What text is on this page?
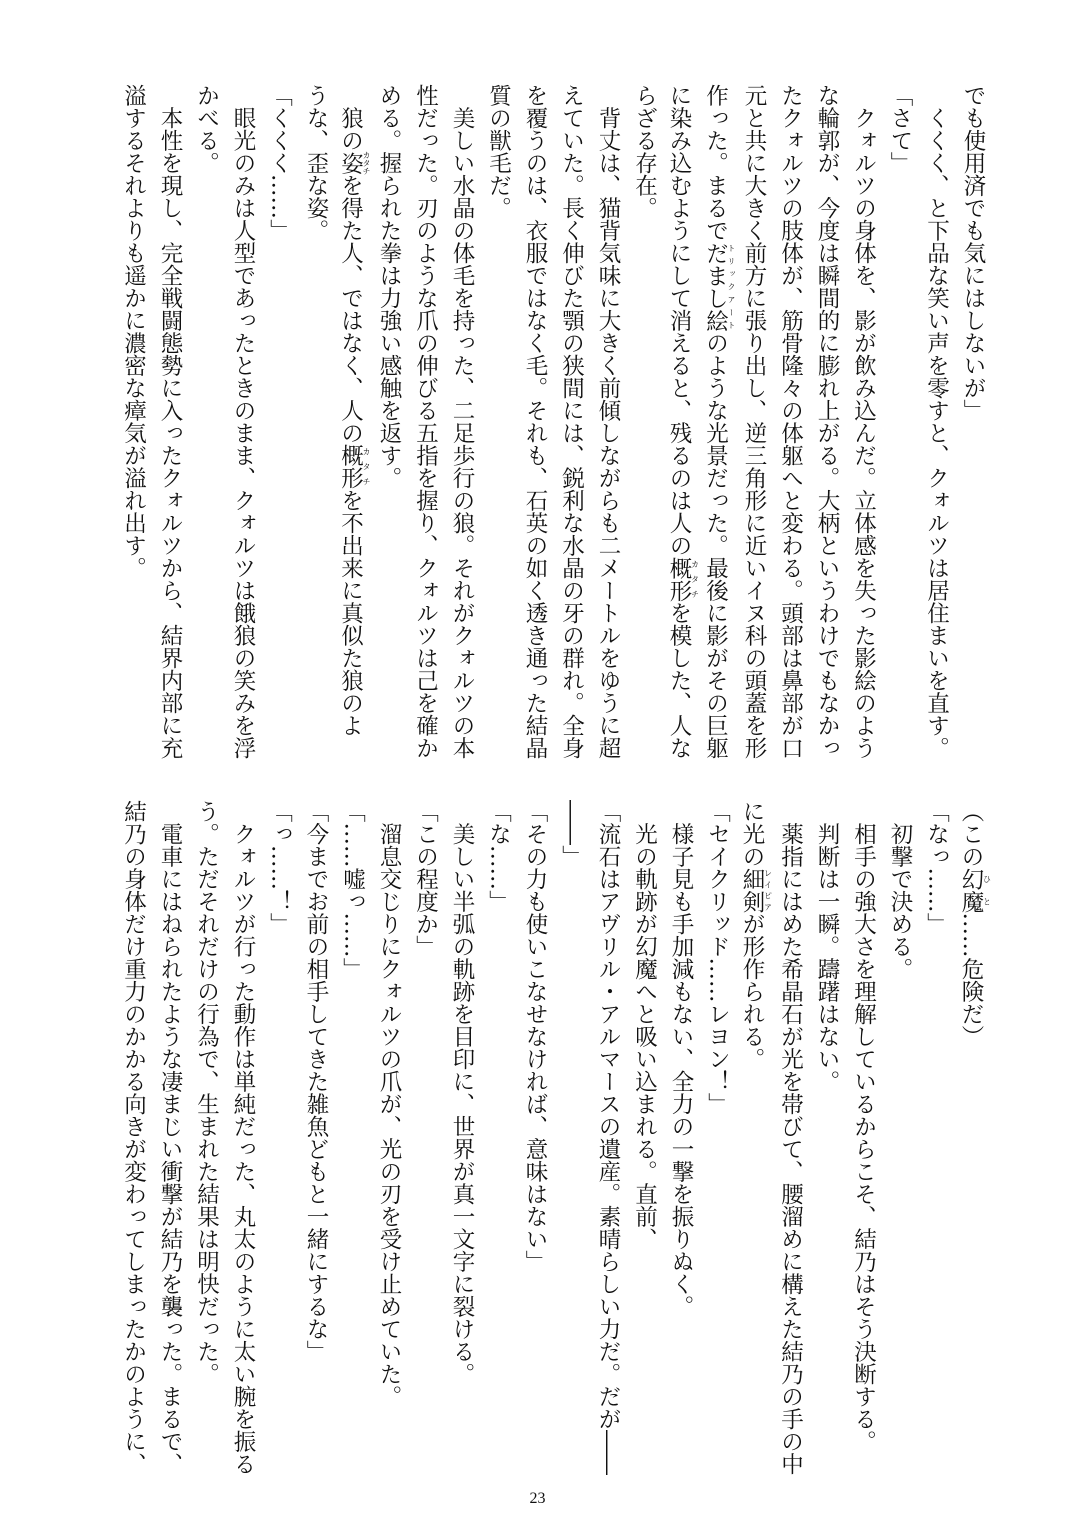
でも使用済でも気にはしないが」
　くくく、と下品な笑い声を零すと、クォルツは居住まいを直す。
「さて」
　クォルツの身体を、影が飲み込んだ。立体感を失った影絵のよう
な輪郭が、今度は瞬間的に膨れ上がる。大柄というわけでもなかっ
たクォルツの肢体が、筋骨隆々の体躯へと変わる。頭部は鼻部が口
元と共に大きく前方に張り出し、逆三角形に近いイヌ科の頭蓋を形
作った。まるでだまし絵トリックアートのような光景だった。最後に影がその巨躯
に染み込むようにして消えると、残るのは人の概形カタチを模した、人な
らざる存在。
　背丈は、猫背気味に大きく前傾しながらも二メートルをゆうに超
えていた。長く伸びた顎の狭間には、鋭利な水晶の牙の群れ。全身
を覆うのは、衣服ではなく毛。それも、石英の如く透き通った結晶
質の獣毛だ。
　美しい水晶の体毛を持った、二足歩行の狼。それがクォルツの本
性だった。刃のような爪の伸びる五指を握り、クォルツは己を確か
める。握られた拳は力強い感触を返す。
　狼の姿カタチを得た人、ではなく、人の概形カタチを不出来に真似た狼のよ
うな、歪な姿。
「くくく……」
　眼光のみは人型であったときのまま、クォルツは餓狼の笑みを浮
かべる。
　本性を現し、完全戦闘態勢に入ったクォルツから、結界内部に充
溢するそれよりも遥かに濃密な瘴気が溢れ出す。
（この幻魔ひと……危険だ）
「なっ……」
　初撃で決める。
　相手の強大さを理解しているからこそ、結乃はそう決断する。
　判断は一瞬。躊躇はない。
　薬指にはめた希晶石が光を帯びて、腰溜めに構えた結乃の手の中
に光の細剣レイピアが形作られる。
「セイクリッド……レヨン！」
　様子見も手加減もない、全力の一撃を振りぬく。
　光の軌跡が幻魔へと吸い込まれる。直前、
「流石はアヴリル・アルマースの遺産。素晴らしい力だ。だが――
――」
「その力も使いこなせなければ、意味はない」
「な……」
　美しい半弧の軌跡を目印に、世界が真一文字に裂ける。
「この程度か」
　溜息交じりにクォルツの爪が、光の刃を受け止めていた。
「……嘘っ……」
「今までお前の相手してきた雑魚どもと一緒にするな」
「っ……！」
　クォルツが行った動作は単純だった、丸太のように太い腕を振る
う。ただそれだけの行為で、生まれた結果は明快だった。
　電車にはねられたような凄まじい衝撃が結乃を襲った。まるで、
結乃の身体だけ重力のかかる向きが変わってしまったかのように、
23
